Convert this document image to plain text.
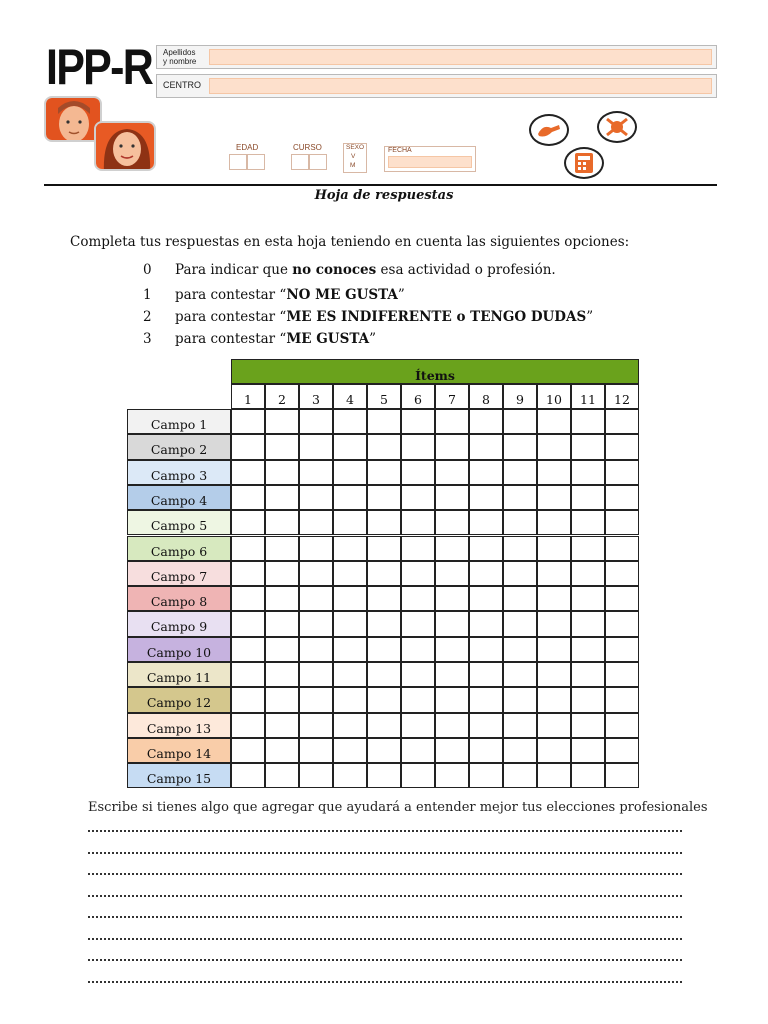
IPP-R Apellidos
y nombre
CENTRO
EDAD	CURSO	SEXO
V
M
FECHA
Hoja de respuestas
Completa tus respuestas en esta hoja teniendo en cuenta las siguientes opciones:
0 Para indicar que no conoces esa actividad o profesión.
1 para contestar “NO ME GUSTA”
2 para contestar “ME ES INDIFERENTE o TENGO DUDAS”
3 para contestar “ME GUSTA”
Ítems
1	2	3	4	5	6	7	8	9	10	11	12
Campo 1
Campo 2
Campo 3
Campo 4
Campo 5
Campo 6
Campo 7
Campo 8
Campo 9
Campo 10
Campo 11
Campo 12
Campo 13
Campo 14
Campo 15
Escribe si tienes algo que agregar que ayudará a entender mejor tus elecciones profesionales
